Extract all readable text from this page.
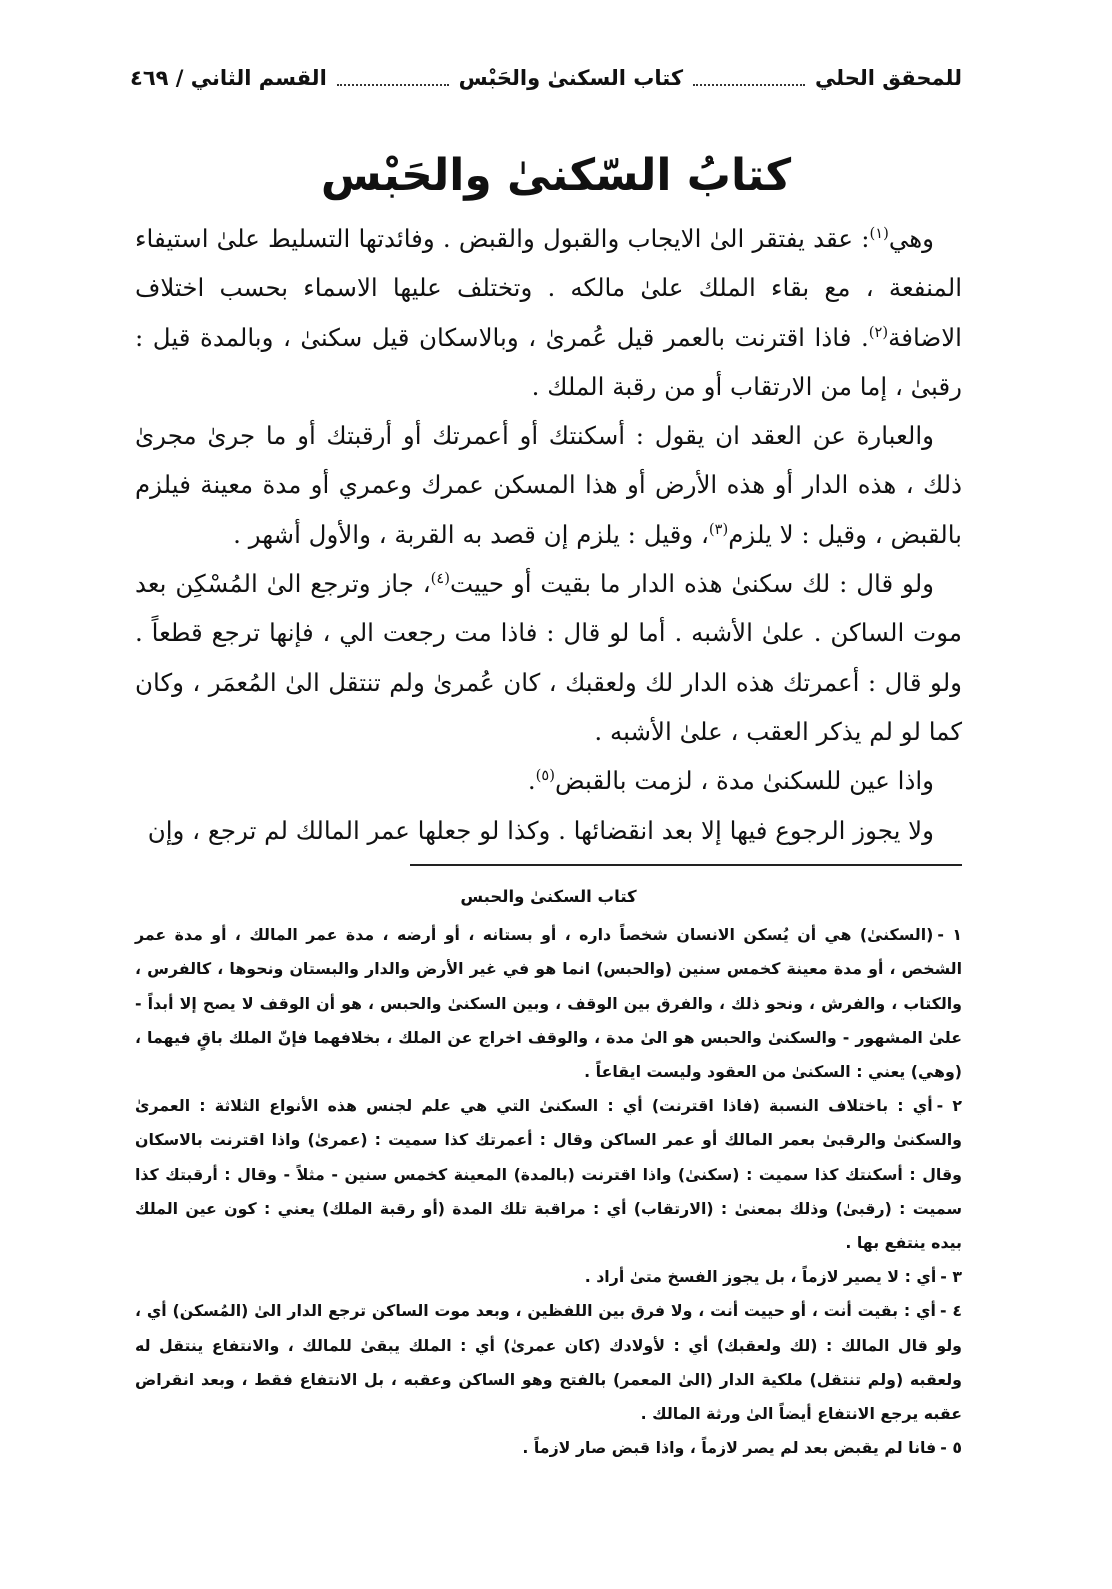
للمحقق الحلي
كتاب السكنىٰ والحَبْس
القسم الثاني / ٤٦٩
كتابُ السّكنىٰ والحَبْس

وهي$^{(١)}$: عقد يفتقر الىٰ الايجاب والقبول والقبض . وفائدتها التسليط علىٰ استيفاء المنفعة ، مع بقاء الملك علىٰ مالكه . وتختلف عليها الاسماء بحسب اختلاف الاضافة$^{(٢)}$. فاذا اقترنت بالعمر قيل عُمرىٰ ، وبالاسكان قيل سكنىٰ ، وبالمدة قيل : رقبىٰ ، إما من الارتقاب أو من رقبة الملك .

والعبارة عن العقد ان يقول : أسكنتك أو أعمرتك أو أرقبتك أو ما جرىٰ مجرىٰ ذلك ، هذه الدار أو هذه الأرض أو هذا المسكن عمرك وعمري أو مدة معينة فيلزم بالقبض ، وقيل : لا يلزم$^{(٣)}$، وقيل : يلزم إن قصد به القربة ، والأول أشهر .

ولو قال : لك سكنىٰ هذه الدار ما بقيت أو حييت$^{(٤)}$، جاز وترجع الىٰ المُسْكِن بعد موت الساكن . علىٰ الأشبه . أما لو قال : فاذا مت رجعت الي ، فإنها ترجع قطعاً . ولو قال : أعمرتك هذه الدار لك ولعقبك ، كان عُمرىٰ ولم تنتقل الىٰ المُعمَر ، وكان كما لو لم يذكر العقب ، علىٰ الأشبه .

واذا عين للسكنىٰ مدة ، لزمت بالقبض$^{(٥)}$.

ولا يجوز الرجوع فيها إلا بعد انقضائها . وكذا لو جعلها عمر المالك لم ترجع ، وإن

كتاب السكنىٰ والحبس

١ -(السكنىٰ) هي أن يُسكن الانسان شخصاً داره ، أو بستانه ، أو أرضه ، مدة عمر المالك ، أو مدة عمر الشخص ، أو مدة معينة كخمس سنين (والحبس) انما هو في غير الأرض والدار والبستان ونحوها ، كالفرس ، والكتاب ، والفرش ، ونحو ذلك ، والفرق بين الوقف ، وبين السكنىٰ والحبس ، هو أن الوقف لا يصح إلا أبداً - علىٰ المشهور - والسكنىٰ والحبس هو الىٰ مدة ، والوقف اخراج عن الملك ، بخلافهما فإنّ الملك باقٍ فيهما ، (وهي) يعني : السكنىٰ من العقود وليست ايقاعاً .

٢ -أي : باختلاف النسبة (فاذا اقترنت) أي : السكنىٰ التي هي علم لجنس هذه الأنواع الثلاثة : العمرىٰ والسكنىٰ والرقبىٰ بعمر المالك أو عمر الساكن وقال : أعمرتك كذا سميت : (عمرىٰ) واذا اقترنت بالاسكان وقال : أسكنتك كذا سميت : (سكنىٰ) واذا اقترنت (بالمدة) المعينة كخمس سنين - مثلاً - وقال : أرقبتك كذا سميت : (رقبىٰ) وذلك بمعنىٰ : (الارتقاب) أي : مراقبة تلك المدة (أو رقبة الملك) يعني : كون عين الملك بيده ينتفع بها .

٣ -أي : لا يصير لازماً ، بل يجوز الفسخ متىٰ أراد .

٤ -أي : بقيت أنت ، أو حييت أنت ، ولا فرق بين اللفظين ، وبعد موت الساكن ترجع الدار الىٰ (المُسكن) أي ، ولو قال المالك : (لك ولعقبك) أي : لأولادك (كان عمرىٰ) أي : الملك يبقىٰ للمالك ، والانتفاع ينتقل له ولعقبه (ولم تنتقل) ملكية الدار (الىٰ المعمر) بالفتح وهو الساكن وعقبه ، بل الانتفاع فقط ، وبعد انقراض عقبه يرجع الانتفاع أيضاً الىٰ ورثة المالك .

٥ -فانا لم يقبض بعد لم يصر لازماً ، واذا قبض صار لازماً .
